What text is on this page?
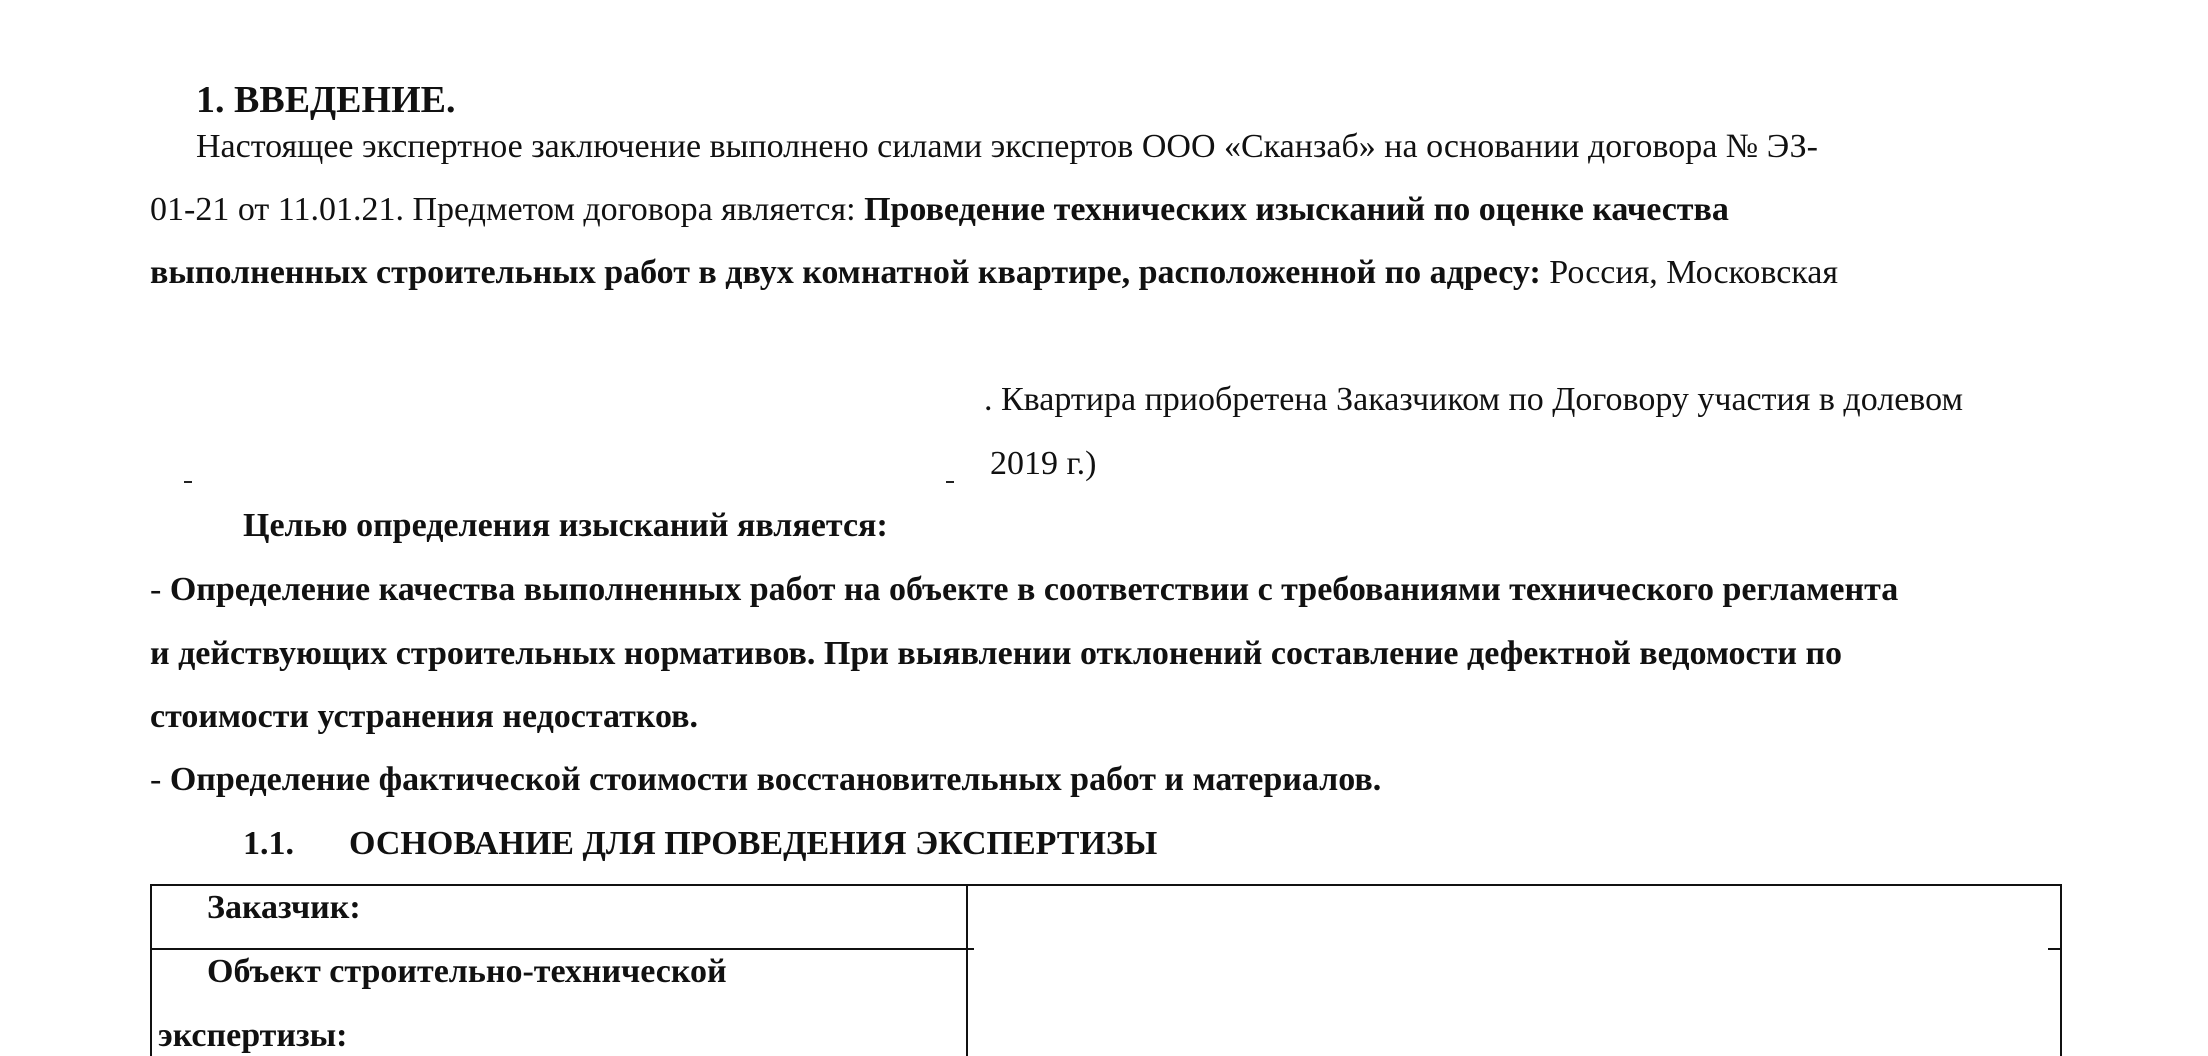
1. ВВЕДЕНИЕ.
Настоящее экспертное заключение выполнено силами экспертов ООО «Сканзаб» на основании договора № ЭЗ-
01-21 от 11.01.21. Предметом договора является: Проведение технических изысканий по оценке качества
выполненных строительных работ в двух комнатной квартире, расположенной по адресу: Россия, Московская
. Квартира приобретена Заказчиком по Договору участия в долевом
2019 г.)
Целью определения изысканий является:
- Определение качества выполненных работ на объекте в соответствии с требованиями технического регламента
и действующих строительных нормативов. При выявлении отклонений составление дефектной ведомости по
стоимости устранения недостатков.
- Определение фактической стоимости восстановительных работ и материалов.
1.1. ОСНОВАНИЕ ДЛЯ ПРОВЕДЕНИЯ ЭКСПЕРТИЗЫ
Заказчик:
Объект строительно-технической
экспертизы:
